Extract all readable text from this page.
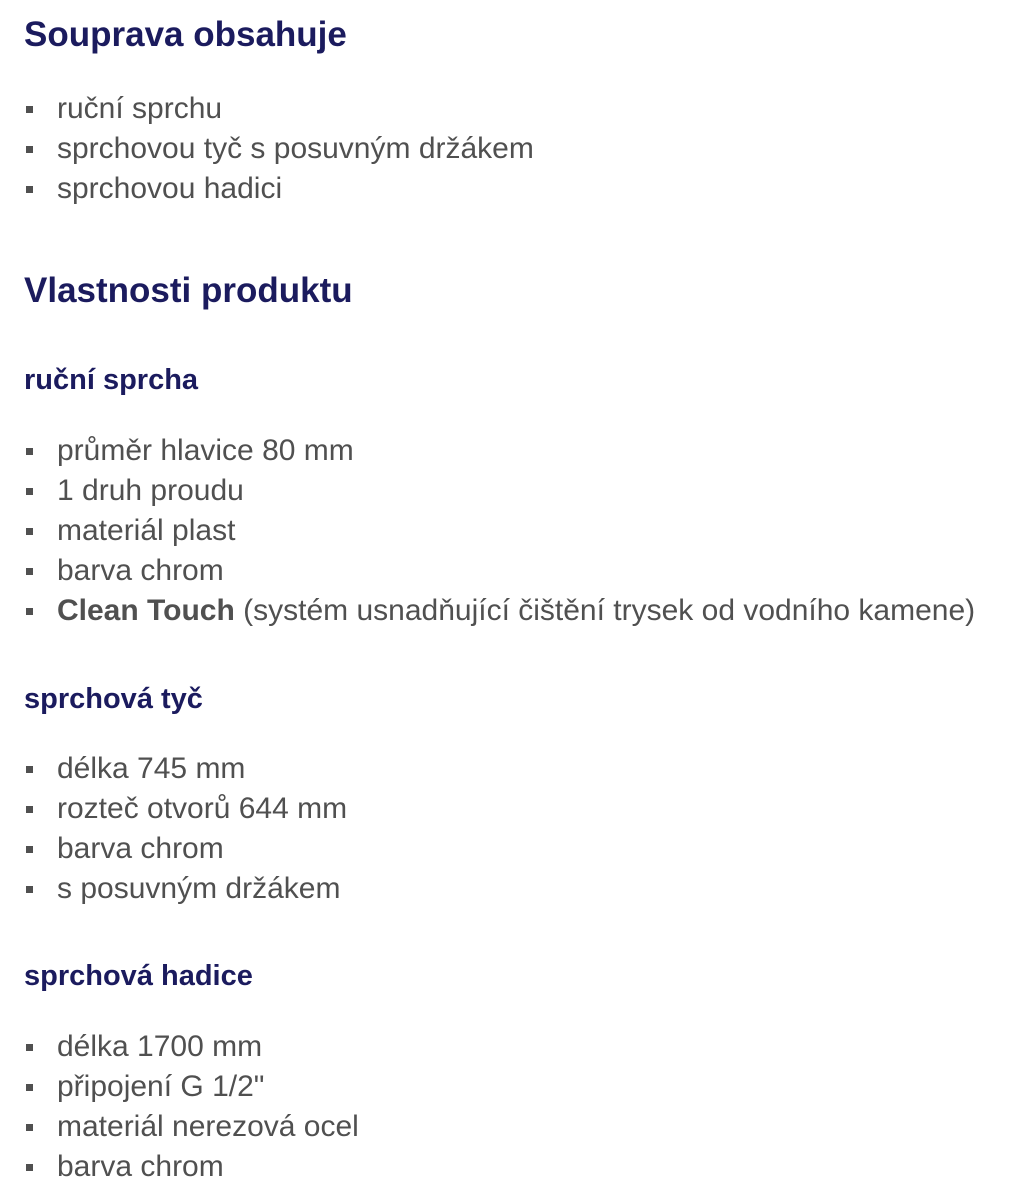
Souprava obsahuje
ruční sprchu
sprchovou tyč s posuvným držákem
sprchovou hadici
Vlastnosti produktu
ruční sprcha
průměr hlavice 80 mm
1 druh proudu
materiál plast
barva chrom
Clean Touch (systém usnadňující čištění trysek od vodního kamene)
sprchová tyč
délka 745 mm
rozteč otvorů 644 mm
barva chrom
s posuvným držákem
sprchová hadice
délka 1700 mm
připojení G 1/2"
materiál nerezová ocel
barva chrom
